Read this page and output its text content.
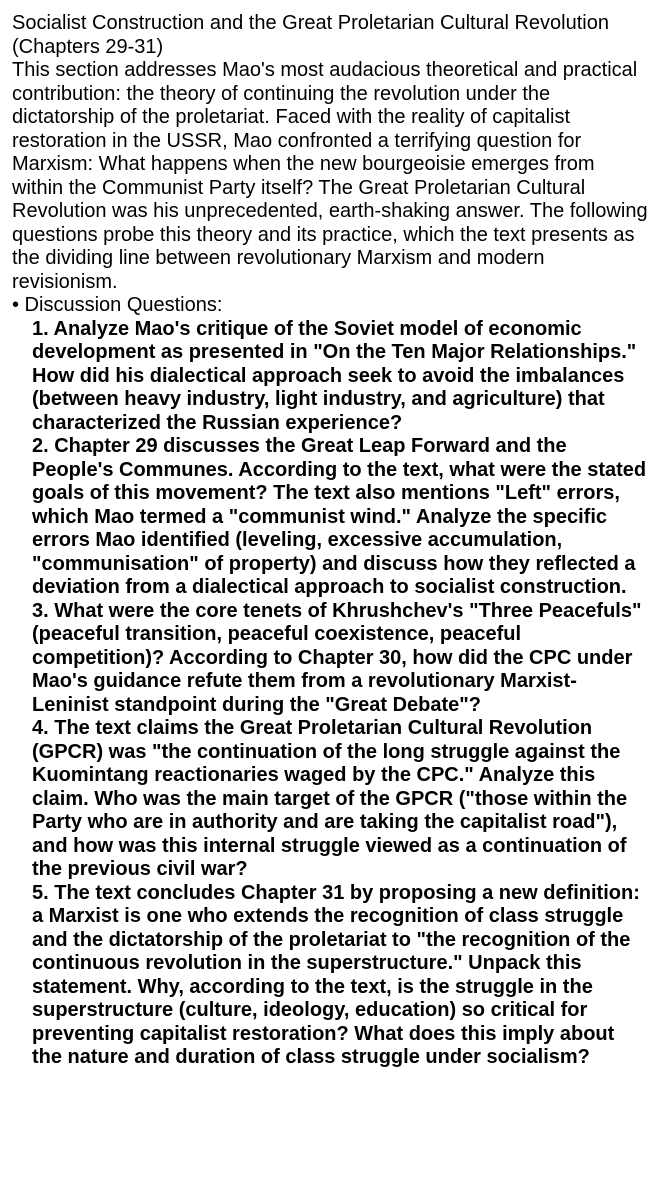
Socialist Construction and the Great Proletarian Cultural Revolution (Chapters 29-31)

This section addresses Mao's most audacious theoretical and practical contribution: the theory of continuing the revolution under the dictatorship of the proletariat. Faced with the reality of capitalist restoration in the USSR, Mao confronted a terrifying question for Marxism: What happens when the new bourgeoisie emerges from within the Communist Party itself? The Great Proletarian Cultural Revolution was his unprecedented, earth-shaking answer. The following questions probe this theory and its practice, which the text presents as the dividing line between revolutionary Marxism and modern revisionism.

• Discussion Questions:

1. Analyze Mao's critique of the Soviet model of economic development as presented in "On the Ten Major Relationships." How did his dialectical approach seek to avoid the imbalances (between heavy industry, light industry, and agriculture) that characterized the Russian experience?
2. Chapter 29 discusses the Great Leap Forward and the People's Communes. According to the text, what were the stated goals of this movement? The text also mentions "Left" errors, which Mao termed a "communist wind." Analyze the specific errors Mao identified (leveling, excessive accumulation, "communisation" of property) and discuss how they reflected a deviation from a dialectical approach to socialist construction.
3. What were the core tenets of Khrushchev's "Three Peacefuls" (peaceful transition, peaceful coexistence, peaceful competition)? According to Chapter 30, how did the CPC under Mao's guidance refute them from a revolutionary Marxist-Leninist standpoint during the "Great Debate"?
4. The text claims the Great Proletarian Cultural Revolution (GPCR) was "the continuation of the long struggle against the Kuomintang reactionaries waged by the CPC." Analyze this claim. Who was the main target of the GPCR ("those within the Party who are in authority and are taking the capitalist road"), and how was this internal struggle viewed as a continuation of the previous civil war?
5. The text concludes Chapter 31 by proposing a new definition: a Marxist is one who extends the recognition of class struggle and the dictatorship of the proletariat to "the recognition of the continuous revolution in the superstructure." Unpack this statement. Why, according to the text, is the struggle in the superstructure (culture, ideology, education) so critical for preventing capitalist restoration? What does this imply about the nature and duration of class struggle under socialism?
